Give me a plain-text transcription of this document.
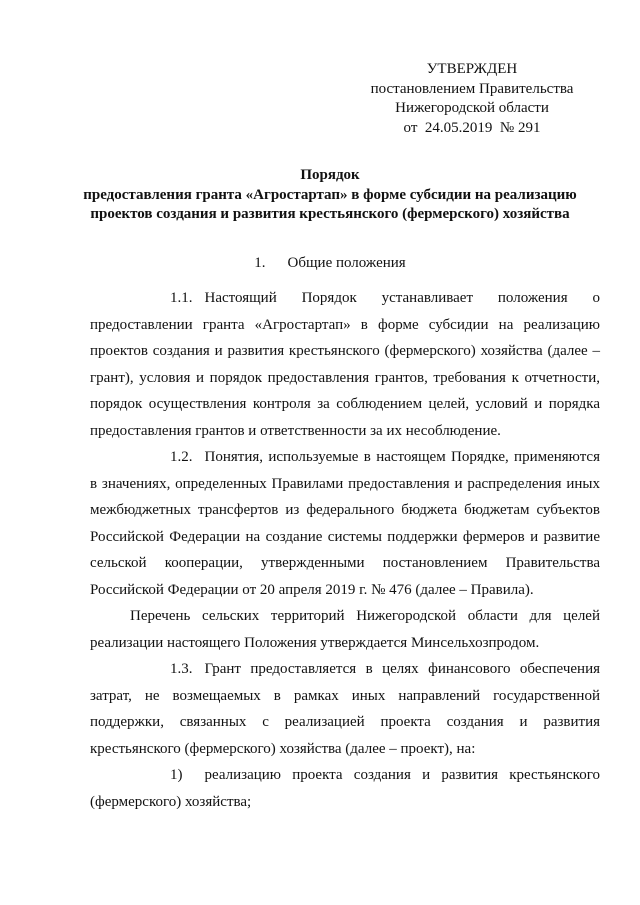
УТВЕРЖДЕН
постановлением Правительства
Нижегородской области
от  24.05.2019  № 291
Порядок
предоставления гранта «Агростартап» в форме субсидии на реализацию
проектов создания и развития крестьянского (фермерского) хозяйства
1. Общие положения

1.1. Настоящий Порядок устанавливает положения о предоставлении гранта «Агростартап» в форме субсидии на реализацию проектов создания и развития крестьянского (фермерского) хозяйства (далее – грант), условия и порядок предоставления грантов, требования к отчетности, порядок осуществления контроля за соблюдением целей, условий и порядка предоставления грантов и ответственности за их несоблюдение.

1.2. Понятия, используемые в настоящем Порядке, применяются в значениях, определенных Правилами предоставления и распределения иных межбюджетных трансфертов из федерального бюджета бюджетам субъектов Российской Федерации на создание системы поддержки фермеров и развитие сельской кооперации, утвержденными постановлением Правительства Российской Федерации от 20 апреля 2019 г. № 476 (далее – Правила).

Перечень сельских территорий Нижегородской области для целей реализации настоящего Положения утверждается Минсельхозпродом.

1.3. Грант предоставляется в целях финансового обеспечения затрат, не возмещаемых в рамках иных направлений государственной поддержки, связанных с реализацией проекта создания и развития крестьянского (фермерского) хозяйства (далее – проект), на:

1) реализацию проекта создания и развития крестьянского (фермерского) хозяйства;
